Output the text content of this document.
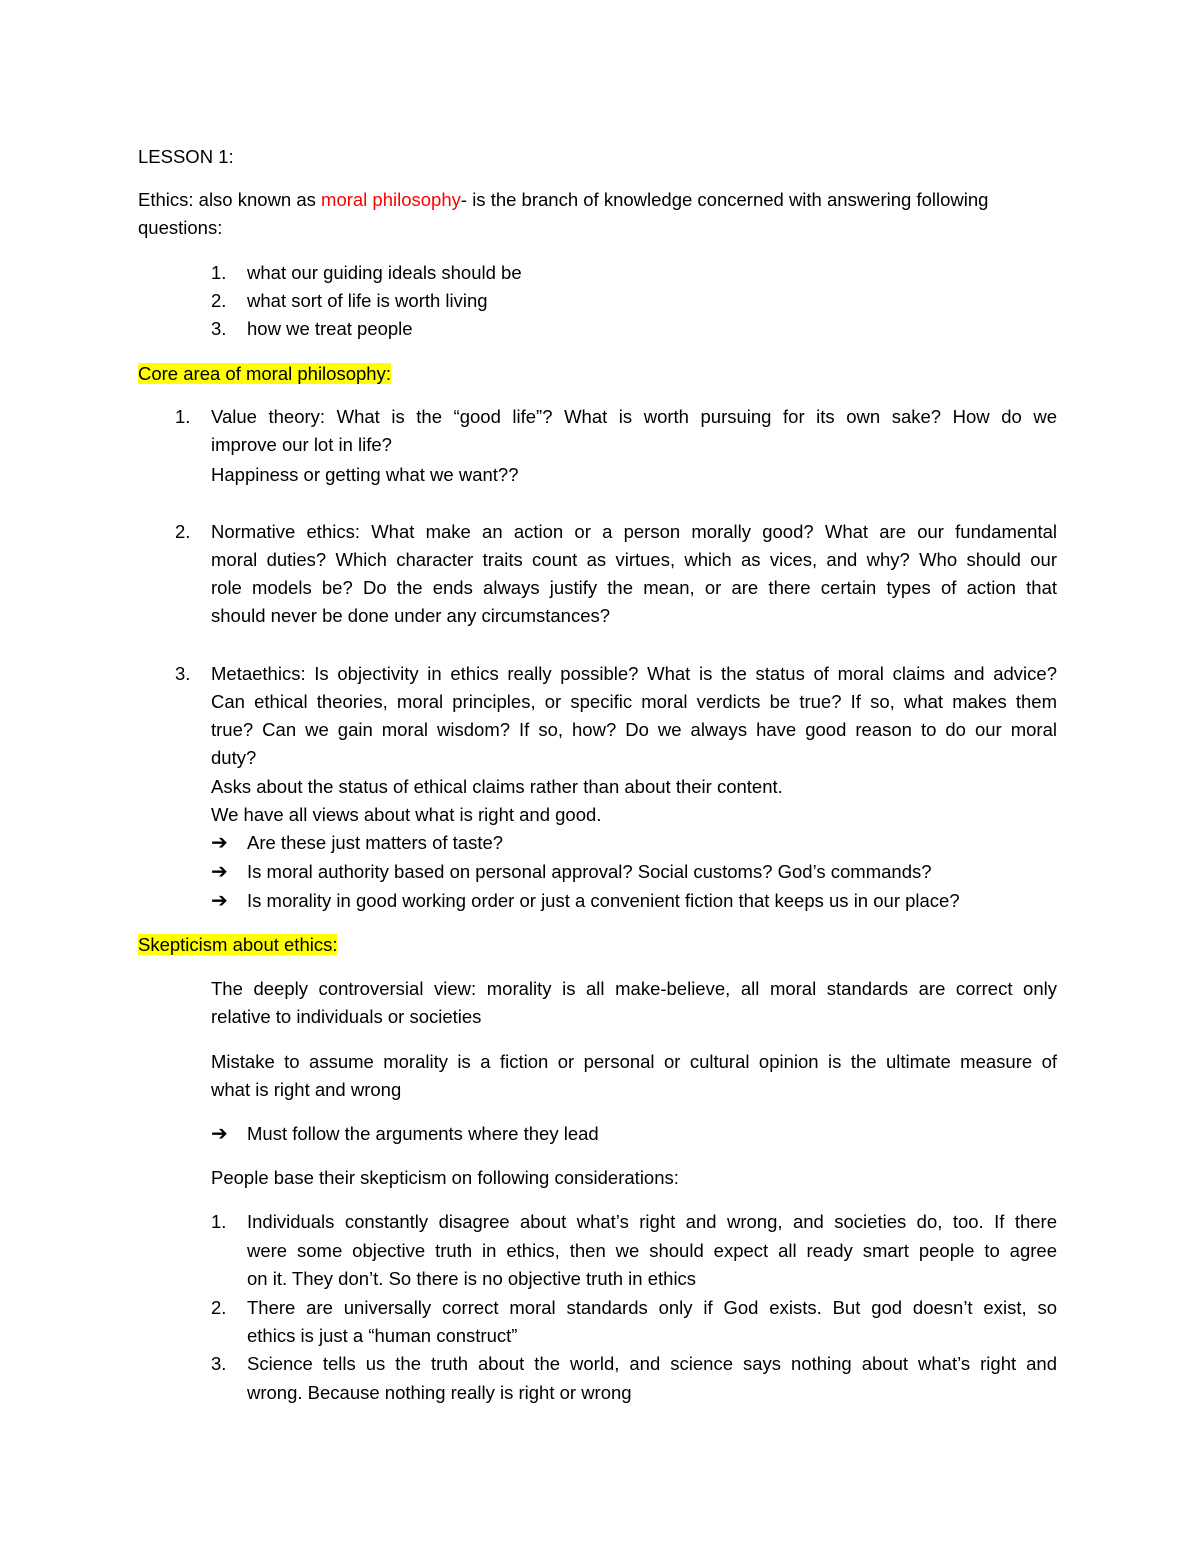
LESSON 1:
Ethics: also known as moral philosophy- is the branch of knowledge concerned with answering following
questions:
1. what our guiding ideals should be
2. what sort of life is worth living
3. how we treat people
Core area of moral philosophy:
1. Value theory: What is the “good life”? What is worth pursuing for its own sake? How do we
improve our lot in life?
Happiness or getting what we want??
2. Normative ethics: What make an action or a person morally good? What are our fundamental
moral duties? Which character traits count as virtues, which as vices, and why? Who should our
role models be? Do the ends always justify the mean, or are there certain types of action that
should never be done under any circumstances?
3. Metaethics: Is objectivity in ethics really possible? What is the status of moral claims and advice?
Can ethical theories, moral principles, or specific moral verdicts be true? If so, what makes them
true? Can we gain moral wisdom? If so, how? Do we always have good reason to do our moral
duty?
Asks about the status of ethical claims rather than about their content.
We have all views about what is right and good.
➔ Are these just matters of taste?
➔ Is moral authority based on personal approval? Social customs? God’s commands?
➔ Is morality in good working order or just a convenient fiction that keeps us in our place?
Skepticism about ethics:
The deeply controversial view: morality is all make-believe, all moral standards are correct only
relative to individuals or societies
Mistake to assume morality is a fiction or personal or cultural opinion is the ultimate measure of
what is right and wrong
➔ Must follow the arguments where they lead
People base their skepticism on following considerations:
1. Individuals constantly disagree about what’s right and wrong, and societies do, too. If there
were some objective truth in ethics, then we should expect all ready smart people to agree
on it. They don’t. So there is no objective truth in ethics
2. There are universally correct moral standards only if God exists. But god doesn’t exist, so
ethics is just a “human construct”
3. Science tells us the truth about the world, and science says nothing about what’s right and
wrong. Because nothing really is right or wrong
